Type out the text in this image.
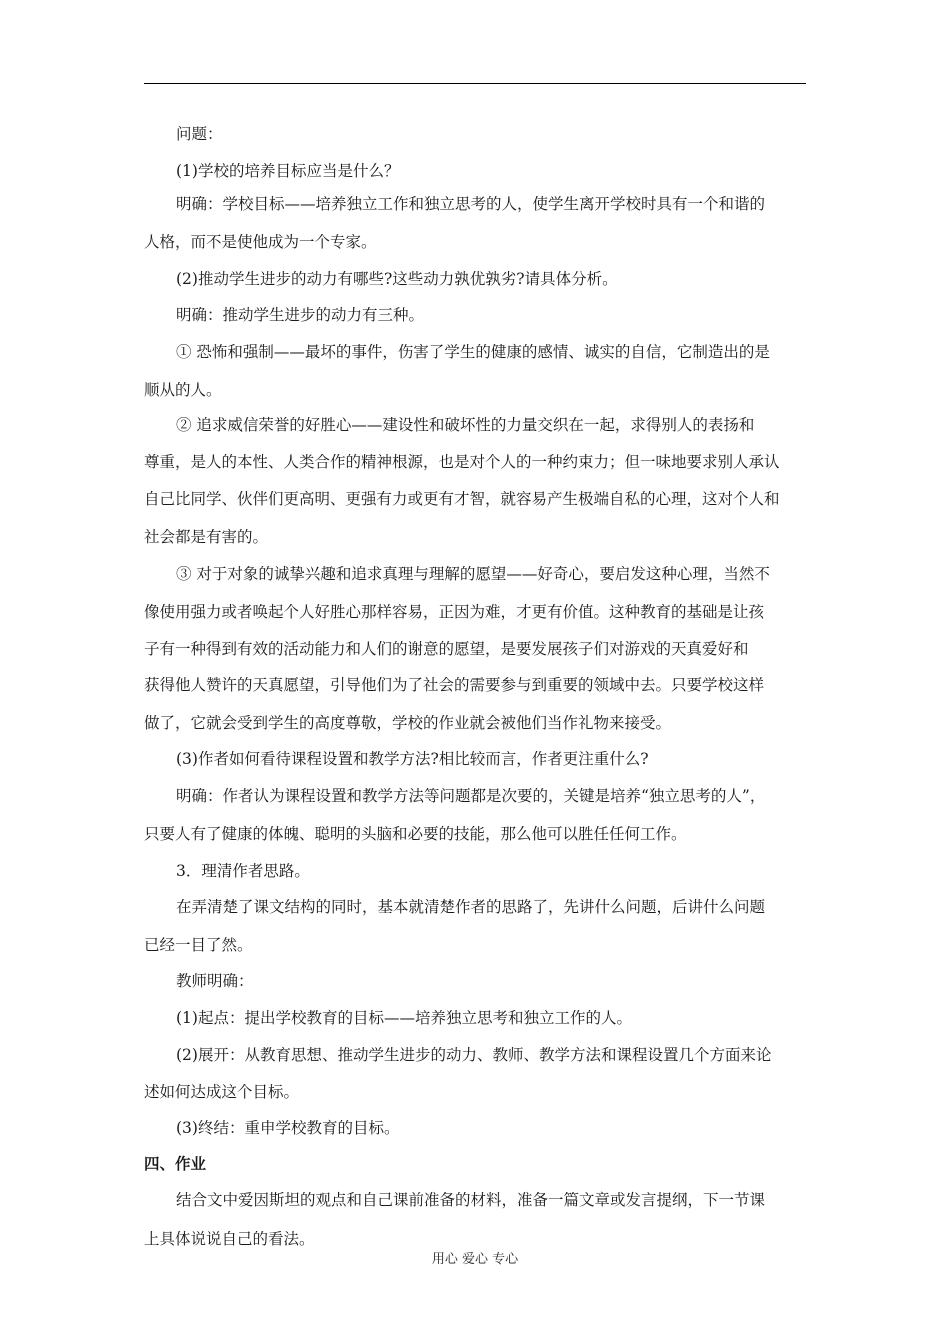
问题：
(1)学校的培养目标应当是什么？
明确：学校目标——培养独立工作和独立思考的人，使学生离开学校时具有一个和谐的
人格，而不是使他成为一个专家。
(2)推动学生进步的动力有哪些?这些动力孰优孰劣?请具体分析。
明确：推动学生进步的动力有三种。
① 恐怖和强制——最坏的事件，伤害了学生的健康的感情、诚实的自信，它制造出的是
顺从的人。
② 追求威信荣誉的好胜心——建设性和破坏性的力量交织在一起，求得别人的表扬和
尊重，是人的本性、人类合作的精神根源，也是对个人的一种约束力；但一味地要求别人承认
自己比同学、伙伴们更高明、更强有力或更有才智，就容易产生极端自私的心理，这对个人和
社会都是有害的。
③ 对于对象的诚挚兴趣和追求真理与理解的愿望——好奇心，要启发这种心理，当然不
像使用强力或者唤起个人好胜心那样容易，正因为难，才更有价值。这种教育的基础是让孩
子有一种得到有效的活动能力和人们的谢意的愿望，是要发展孩子们对游戏的天真爱好和
获得他人赞许的天真愿望，引导他们为了社会的需要参与到重要的领域中去。只要学校这样
做了，它就会受到学生的高度尊敬，学校的作业就会被他们当作礼物来接受。
(3)作者如何看待课程设置和教学方法?相比较而言，作者更注重什么?
明确：作者认为课程设置和教学方法等问题都是次要的，关键是培养“独立思考的人”，
只要人有了健康的体魄、聪明的头脑和必要的技能，那么他可以胜任任何工作。
3．理清作者思路。
在弄清楚了课文结构的同时，基本就清楚作者的思路了，先讲什么问题，后讲什么问题
已经一目了然。
教师明确：
(1)起点：提出学校教育的目标——培养独立思考和独立工作的人。
(2)展开：从教育思想、推动学生进步的动力、教师、教学方法和课程设置几个方面来论
述如何达成这个目标。
(3)终结：重申学校教育的目标。
四、作业
结合文中爱因斯坦的观点和自己课前准备的材料，准备一篇文章或发言提纲，下一节课
上具体说说自己的看法。
用心 爱心 专心
